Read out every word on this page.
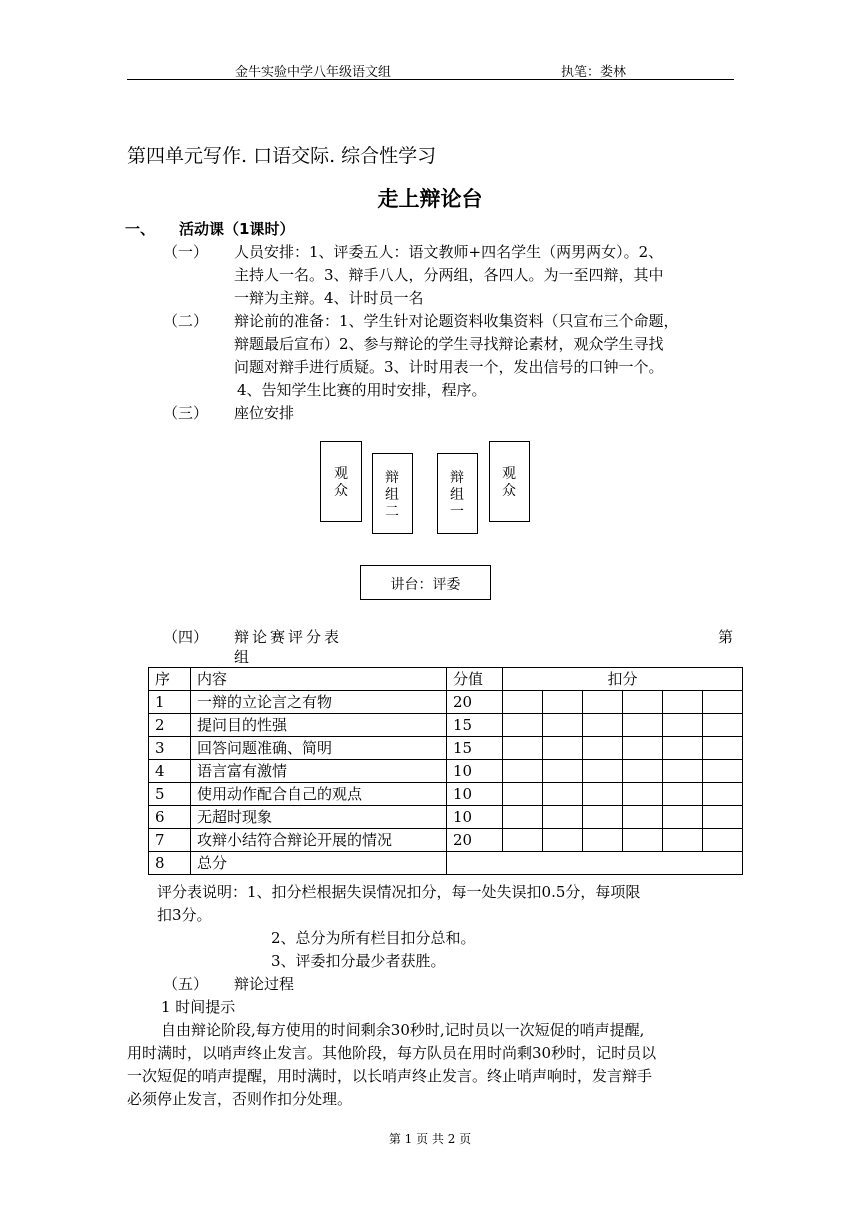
金牛实验中学八年级语文组	执笔：娄林
第四单元写作. 口语交际. 综合性学习
走上辩论台
一、 活动课（1课时）
（一） 人员安排：1、评委五人：语文教师+四名学生（两男两女）。2、
主持人一名。3、辩手八人，分两组，各四人。为一至四辩，其中
一辩为主辩。4、计时员一名
（二） 辩论前的准备：1、学生针对论题资料收集资料（只宣布三个命题，
辩题最后宣布）2、参与辩论的学生寻找辩论素材，观众学生寻找
问题对辩手进行质疑。3、计时用表一个，发出信号的口钟一个。
4、告知学生比赛的用时安排，程序。
（三） 座位安排
观
众
辩
组
二
辩
组
一
观
众
讲台：评委
（四） 辩论赛评分表	第
组
序	内容	分值	扣分					
1	一辩的立论言之有物	20						
2	提问目的性强	15						
3	回答问题准确、简明	15						
4	语言富有激情	10						
5	使用动作配合自己的观点	10						
6	无超时现象	10						
7	攻辩小结符合辩论开展的情况	20						
8	总分							
评分表说明：1、扣分栏根据失误情况扣分，每一处失误扣0.5分，每项限
扣3分。
2、总分为所有栏目扣分总和。
3、评委扣分最少者获胜。
（五） 辩论过程
1 时间提示
自由辩论阶段,每方使用的时间剩余30秒时,记时员以一次短促的哨声提醒,
用时满时，以哨声终止发言。其他阶段，每方队员在用时尚剩30秒时，记时员以
一次短促的哨声提醒，用时满时，以长哨声终止发言。终止哨声响时，发言辩手
必须停止发言，否则作扣分处理。
第 1 页 共 2 页
